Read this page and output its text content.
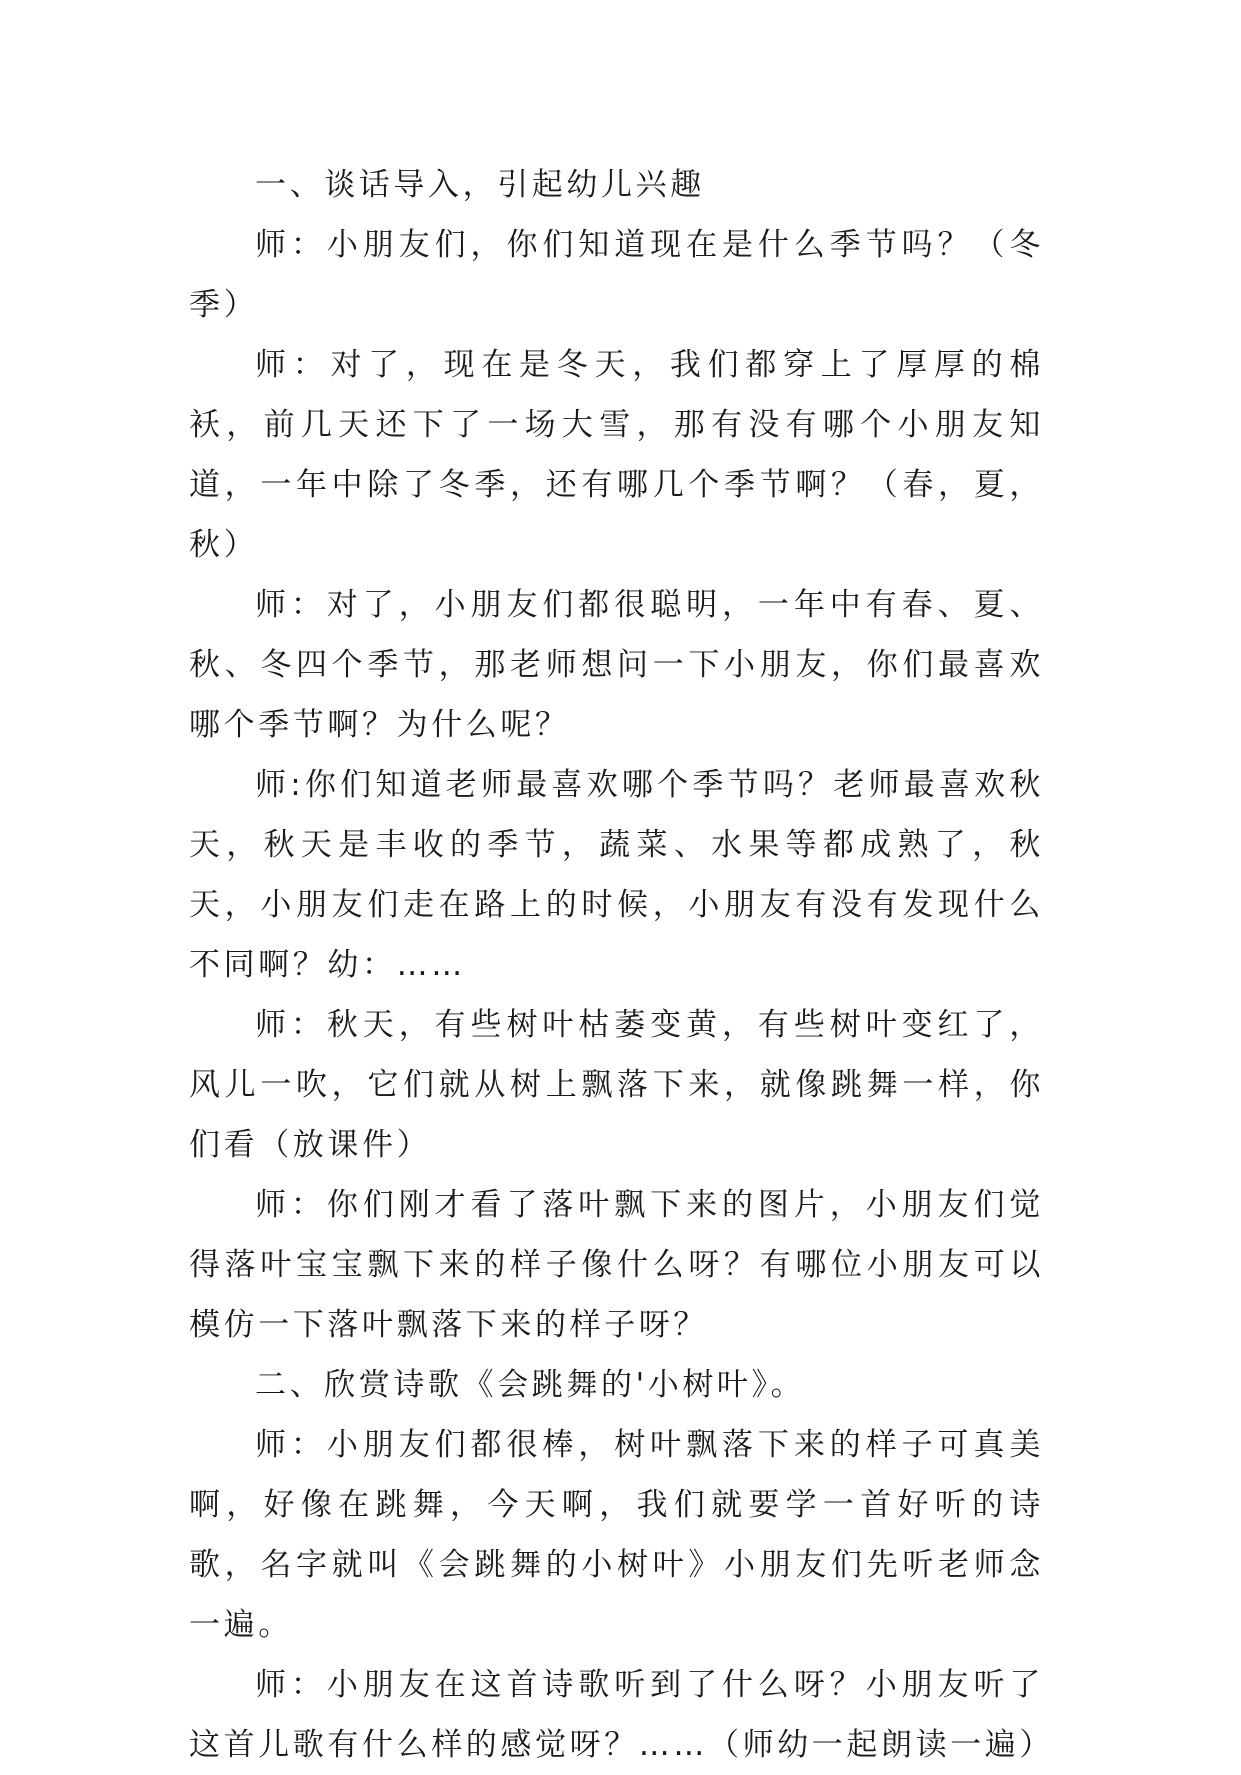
一、谈话导入，引起幼儿兴趣

师：小朋友们，你们知道现在是什么季节吗？（冬季）

师：对了，现在是冬天，我们都穿上了厚厚的棉袄，前几天还下了一场大雪，那有没有哪个小朋友知道，一年中除了冬季，还有哪几个季节啊？（春，夏，秋）

师：对了，小朋友们都很聪明，一年中有春、夏、秋、冬四个季节，那老师想问一下小朋友，你们最喜欢哪个季节啊？为什么呢？

师:你们知道老师最喜欢哪个季节吗？老师最喜欢秋天，秋天是丰收的季节，蔬菜、水果等都成熟了，秋天，小朋友们走在路上的时候，小朋友有没有发现什么不同啊？幼：……

师：秋天，有些树叶枯萎变黄，有些树叶变红了，风儿一吹，它们就从树上飘落下来，就像跳舞一样，你们看（放课件）

师：你们刚才看了落叶飘下来的图片，小朋友们觉得落叶宝宝飘下来的样子像什么呀？有哪位小朋友可以模仿一下落叶飘落下来的样子呀？

二、欣赏诗歌《会跳舞的'小树叶》。

师：小朋友们都很棒，树叶飘落下来的样子可真美啊，好像在跳舞，今天啊，我们就要学一首好听的诗歌，名字就叫《会跳舞的小树叶》小朋友们先听老师念一遍。

师：小朋友在这首诗歌听到了什么呀？小朋友听了这首儿歌有什么样的感觉呀？……（师幼一起朗读一遍）
